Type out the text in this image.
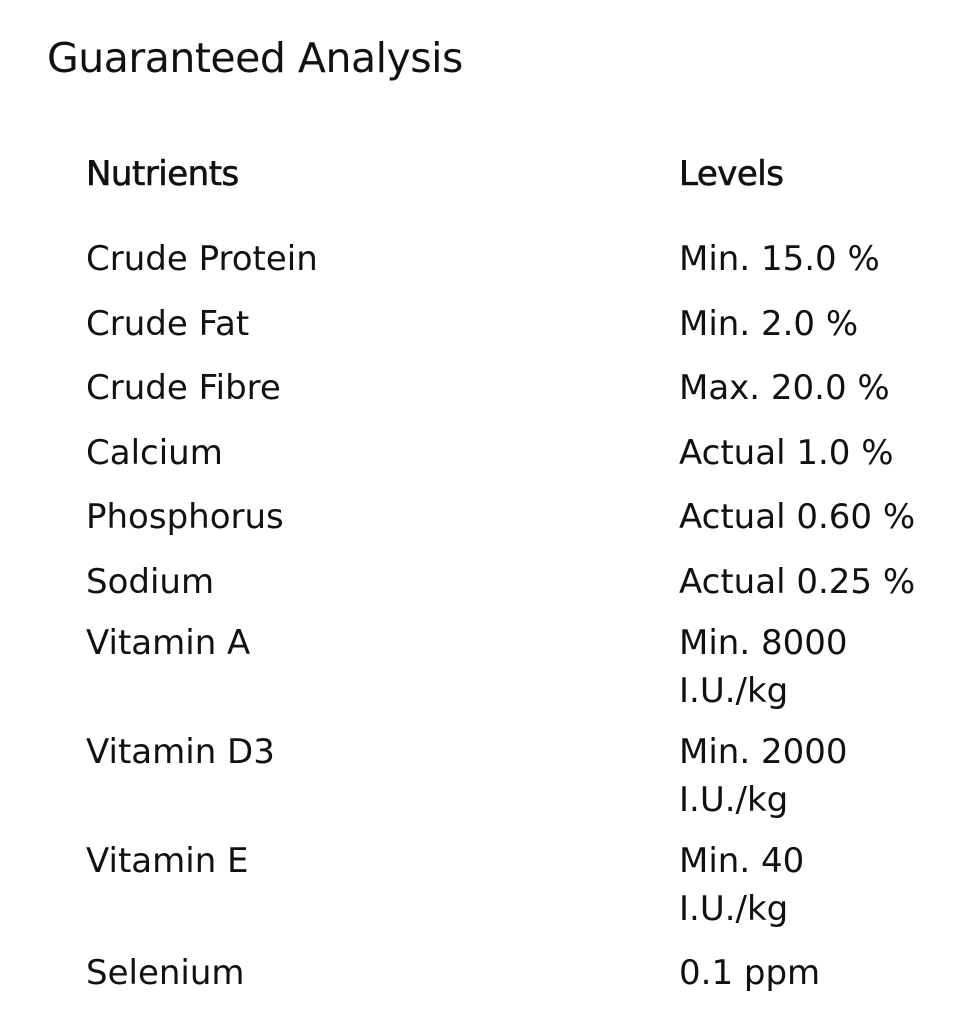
Guaranteed Analysis
Nutrients	Levels
Crude Protein	Min. 15.0 %
Crude Fat	Min. 2.0 %
Crude Fibre	Max. 20.0 %
Calcium	Actual 1.0 %
Phosphorus	Actual 0.60 %
Sodium	Actual 0.25 %
Vitamin A	Min. 8000
I.U./kg
Vitamin D3	Min. 2000
I.U./kg
Vitamin E	Min. 40
I.U./kg
Selenium	0.1 ppm
